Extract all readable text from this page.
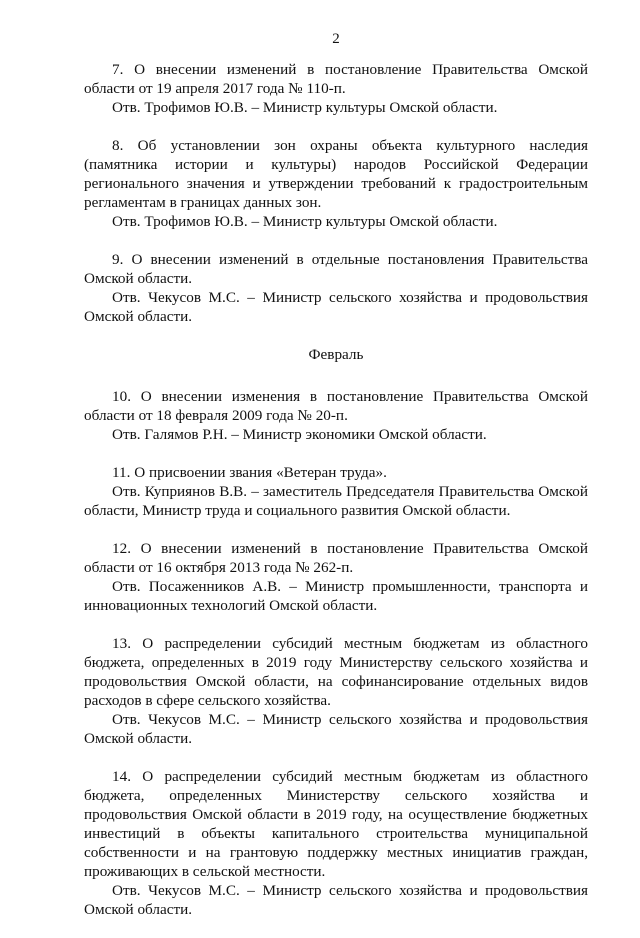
2

7. О внесении изменений в постановление Правительства Омской области от 19 апреля 2017 года № 110-п.

Отв. Трофимов Ю.В. – Министр культуры Омской области.

8. Об установлении зон охраны объекта культурного наследия (памятника истории и культуры) народов Российской Федерации регионального значения и утверждении требований к градостроительным регламентам в границах данных зон.

Отв. Трофимов Ю.В. – Министр культуры Омской области.

9. О внесении изменений в отдельные постановления Правительства Омской области.

Отв. Чекусов М.С. – Министр сельского хозяйства и продовольствия Омской области.

Февраль

10. О внесении изменения в постановление Правительства Омской области от 18 февраля 2009 года № 20-п.

Отв. Галямов Р.Н. – Министр экономики Омской области.

11. О присвоении звания «Ветеран труда».

Отв. Куприянов В.В. – заместитель Председателя Правительства Омской области, Министр труда и социального развития Омской области.

12. О внесении изменений в постановление Правительства Омской области от 16 октября 2013 года № 262-п.

Отв. Посаженников А.В. – Министр промышленности, транспорта и инновационных технологий Омской области.

13. О распределении субсидий местным бюджетам из областного бюджета, определенных в 2019 году Министерству сельского хозяйства и продовольствия Омской области, на софинансирование отдельных видов расходов в сфере сельского хозяйства.

Отв. Чекусов М.С. – Министр сельского хозяйства и продовольствия Омской области.

14. О распределении субсидий местным бюджетам из областного бюджета, определенных Министерству сельского хозяйства и продовольствия Омской области в 2019 году, на осуществление бюджетных инвестиций в объекты капитального строительства муниципальной собственности и на грантовую поддержку местных инициатив граждан, проживающих в сельской местности.

Отв. Чекусов М.С. – Министр сельского хозяйства и продовольствия Омской области.
